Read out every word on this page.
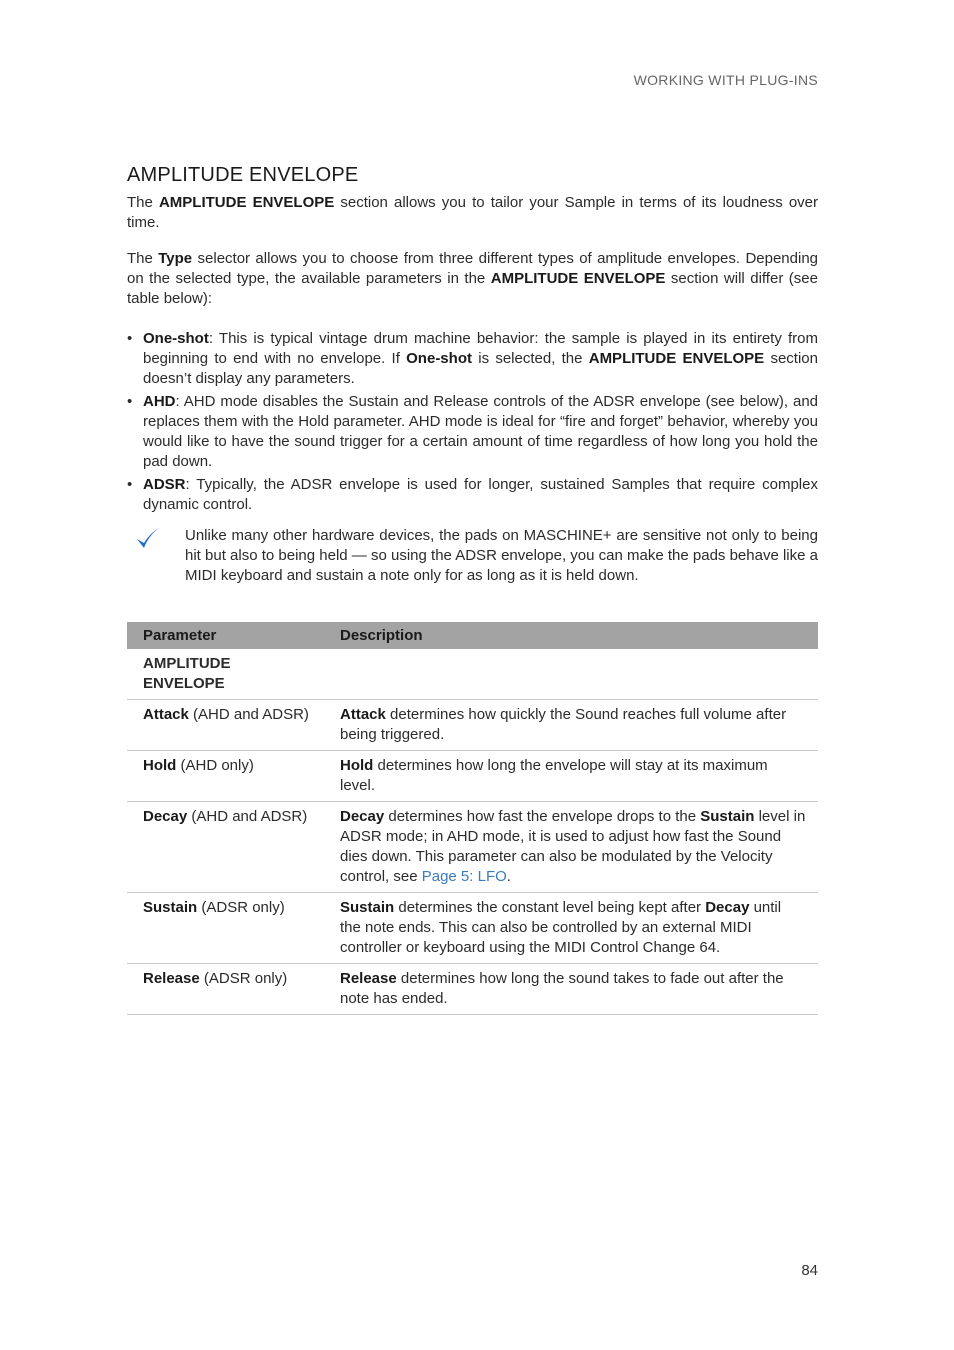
WORKING WITH PLUG-INS
AMPLITUDE ENVELOPE

The AMPLITUDE ENVELOPE section allows you to tailor your Sample in terms of its loudness over time.

The Type selector allows you to choose from three different types of amplitude envelopes. Depending on the selected type, the available parameters in the AMPLITUDE ENVELOPE section will differ (see table below):

• One-shot: This is typical vintage drum machine behavior: the sample is played in its entirety from beginning to end with no envelope. If One-shot is selected, the AMPLITUDE ENVELOPE section doesn’t display any parameters.
• AHD: AHD mode disables the Sustain and Release controls of the ADSR envelope (see below), and replaces them with the Hold parameter. AHD mode is ideal for “fire and forget” behavior, whereby you would like to have the sound trigger for a certain amount of time regardless of how long you hold the pad down.
• ADSR: Typically, the ADSR envelope is used for longer, sustained Samples that require complex dynamic control.

Unlike many other hardware devices, the pads on MASCHINE+ are sensitive not only to being hit but also to being held — so using the ADSR envelope, you can make the pads behave like a MIDI keyboard and sustain a note only for as long as it is held down.

Parameter	Description
AMPLITUDE
ENVELOPE	
Attack (AHD and ADSR)	Attack determines how quickly the Sound reaches full volume after being triggered.
Hold (AHD only)	Hold determines how long the envelope will stay at its maximum level.
Decay (AHD and ADSR)	Decay determines how fast the envelope drops to the Sustain level in ADSR mode; in AHD mode, it is used to adjust how fast the Sound dies down. This parameter can also be modulated by the Velocity control, see Page 5: LFO.
Sustain (ADSR only)	Sustain determines the constant level being kept after Decay until the note ends. This can also be controlled by an external MIDI controller or keyboard using the MIDI Control Change 64.
Release (ADSR only)	Release determines how long the sound takes to fade out after the note has ended.
84
